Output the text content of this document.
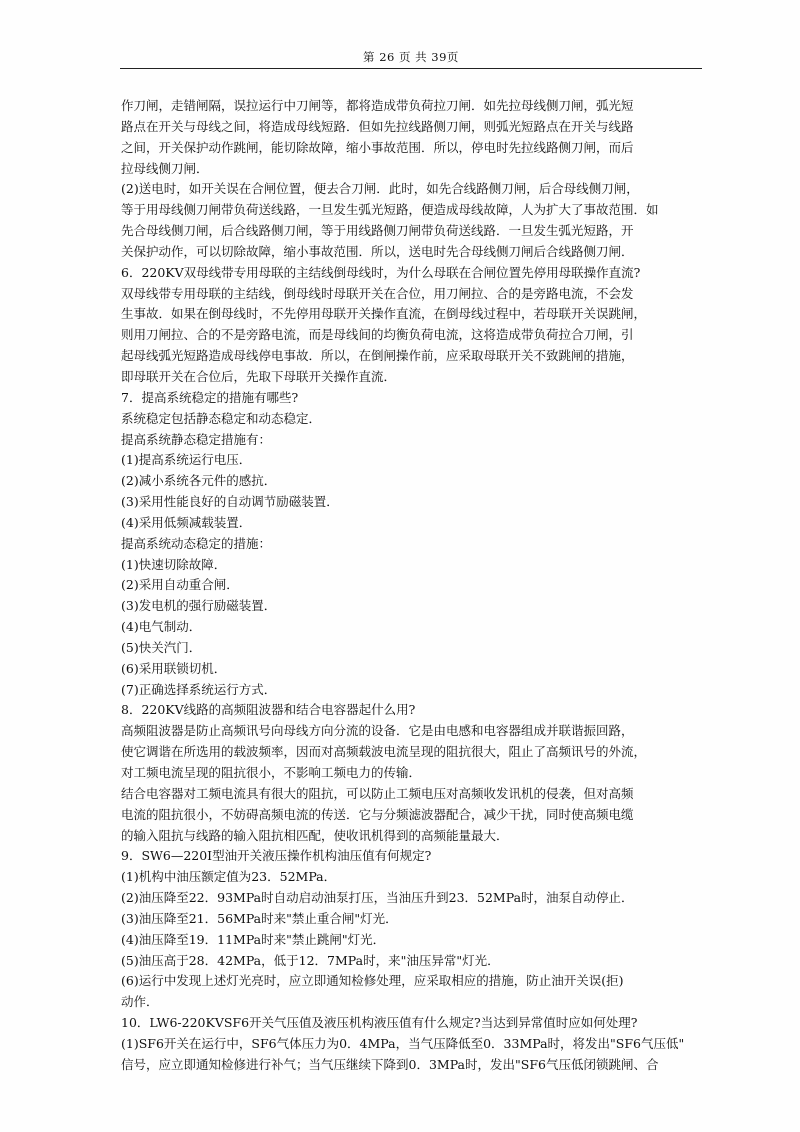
第 26 页 共 39页
作刀闸，走错闸隔，误拉运行中刀闸等，都将造成带负荷拉刀闸．如先拉母线侧刀闸，弧光短
路点在开关与母线之间，将造成母线短路．但如先拉线路侧刀闸，则弧光短路点在开关与线路
之间，开关保护动作跳闸，能切除故障，缩小事故范围．所以，停电时先拉线路侧刀闸，而后
拉母线侧刀闸．
(2)送电时，如开关误在合闸位置，便去合刀闸．此时，如先合线路侧刀闸，后合母线侧刀闸，
等于用母线侧刀闸带负荷送线路，一旦发生弧光短路，便造成母线故障，人为扩大了事故范围．如
先合母线侧刀闸，后合线路侧刀闸，等于用线路侧刀闸带负荷送线路．一旦发生弧光短路，开
关保护动作，可以切除故障，缩小事故范围．所以，送电时先合母线侧刀闸后合线路侧刀闸．
6．220KV双母线带专用母联的主结线倒母线时，为什么母联在合闸位置先停用母联操作直流?
双母线带专用母联的主结线，倒母线时母联开关在合位，用刀闸拉、合的是旁路电流，不会发
生事故．如果在倒母线时，不先停用母联开关操作直流，在倒母线过程中，若母联开关误跳闸，
则用刀闸拉、合的不是旁路电流，而是母线间的均衡负荷电流，这将造成带负荷拉合刀闸，引
起母线弧光短路造成母线停电事故．所以，在倒闸操作前，应采取母联开关不致跳闸的措施，
即母联开关在合位后，先取下母联开关操作直流．
7．提高系统稳定的措施有哪些?
系统稳定包括静态稳定和动态稳定．
提高系统静态稳定措施有：
(1)提高系统运行电压．
(2)减小系统各元件的感抗．
(3)采用性能良好的自动调节励磁装置．
(4)采用低频减载装置．
提高系统动态稳定的措施：
(1)快速切除故障．
(2)采用自动重合闸．
(3)发电机的强行励磁装置．
(4)电气制动．
(5)快关汽门．
(6)采用联锁切机．
(7)正确选择系统运行方式．
8．220KV线路的高频阻波器和结合电容器起什么用?
高频阻波器是防止高频讯号向母线方向分流的设备．它是由电感和电容器组成并联谐振回路，
使它调谐在所选用的载波频率，因而对高频载波电流呈现的阻抗很大，阻止了高频讯号的外流，
对工频电流呈现的阻抗很小，不影响工频电力的传输．
结合电容器对工频电流具有很大的阻抗，可以防止工频电压对高频收发讯机的侵袭，但对高频
电流的阻抗很小，不妨碍高频电流的传送．它与分频滤波器配合，减少干扰，同时使高频电缆
的输入阻抗与线路的输入阻抗相匹配，使收讯机得到的高频能量最大．
9．SW6—220I型油开关液压操作机构油压值有何规定?
(1)机构中油压额定值为23．52MPa．
(2)油压降至22．93MPa时自动启动油泵打压，当油压升到23．52MPa时，油泵自动停止．
(3)油压降至21．56MPa时来"禁止重合闸"灯光．
(4)油压降至19．11MPa时来"禁止跳闸"灯光．
(5)油压高于28．42MPa，低于12．7MPa时，来"油压异常"灯光．
(6)运行中发现上述灯光亮时，应立即通知检修处理，应采取相应的措施，防止油开关误(拒)
动作．
10．LW6-220KVSF6开关气压值及液压机构液压值有什么规定?当达到异常值时应如何处理?
(1)SF6开关在运行中，SF6气体压力为0．4MPa，当气压降低至0．33MPa时，将发出"SF6气压低"
信号，应立即通知检修进行补气；当气压继续下降到0．3MPa时，发出"SF6气压低闭锁跳闸、合
